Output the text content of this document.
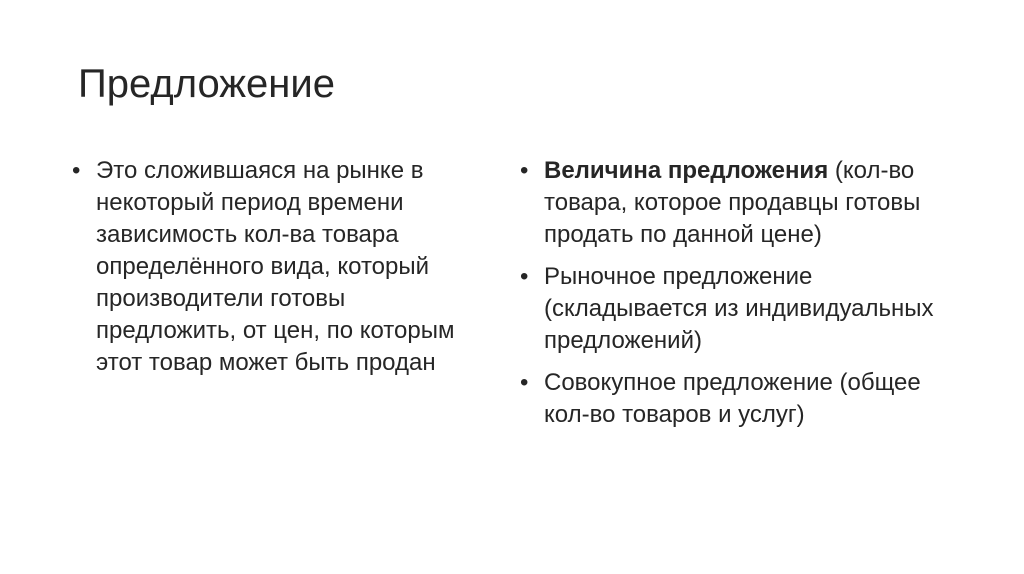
Предложение
• Это сложившаяся на рынке в некоторый период времени зависимость кол-ва товара определённого вида, который производители готовы предложить, от цен, по которым этот товар может быть продан
• Величина предложения (кол-во товара, которое продавцы готовы продать по данной цене)
• Рыночное предложение (складывается из индивидуальных предложений)
• Совокупное предложение (общее кол-во товаров и услуг)
